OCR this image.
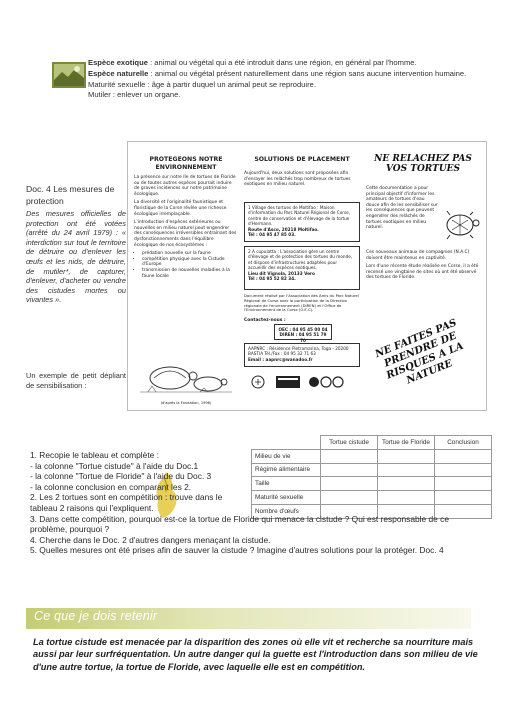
Espèce exotique : animal ou végétal qui a été introduit dans une région, en général par l'homme.

Espèce naturelle : animal ou végétal présent naturellement dans une région sans aucune intervention humaine.

Maturité sexuelle : âge à partir duquel un animal peut se reproduire.

Mutiler : enlever un organe.

Doc. 4 Les mesures de protection
Des mesures officielles de protection ont été votées (arrêté du 24 avril 1979) : « interdiction sur tout le territoire de détruire ou d'enlever les œufs et les nids, de détruire, de mutiler*, de capturer, d'enlever, d'acheter ou vendre des cistudes mortes ou vivantes ».
Un exemple de petit dépliant de sensibilisation :
PROTEGEONS NOTRE ENVIRONNEMENT

La présence sur notre île de tortues de Floride ou de toutes autres espèces pourrait induire de graves incidences sur notre patrimoine écologique.

La diversité et l'originalité faunistique et floristique de la Corse révèle une richesse écologique irremplaçable.

L'introduction d'espèces extérieures ou nouvelles en milieu naturel peut engendrer des conséquences irréversibles entraînant des dysfonctionnements dans l'équilibre écologique de nos écosystèmes :

• prédation nouvelle sur la faune
• compétition physique avec la Cistude d'Europe
• transmission de nouvelles maladies à la faune locale
(d'après la Fondation, 1996)
SOLUTIONS DE PLACEMENT
Aujourd'hui, deux solutions sont proposées afin d'enrayer les relâchés trop nombreux de tortues exotiques en milieu naturel.
1 Village des tortues de Moltifao : Maison d'information du Parc Naturel Régional de Corse, centre de conservation et d'élevage de la tortue d'Hermann.
Route d'Asco, 20218 Moltifao.
Tél : 04 95 47 85 03.
2 A cupulatta : L'association gère un centre d'élevage et de protection des tortues du monde, et dispose d'infrastructures adaptées pour accueillir des espèces exotiques.
Lieu dit Vignola, 20133 Vero
Tél : 04 95 52 82 34.
Document réalisé par l'Association des Amis du Parc Naturel Régional de Corse avec la participation de la Direction régionale de l'environnement (DIREN) et l'Office de l'Environnement de la Corse (O.E.C).
Contactez-nous :
OEC : 04 95 45 00 04
DIREN : 04 95 51 79 70
AAPNRC : Résidence Pietramarina, Toga - 20200 BASTIA Tél./Fax : 04 95 32 71 63
Email : aapnrc@wanadoo.fr
NE RELACHEZ PAS VOS TORTUES

Cette documentation a pour principal objectif d'informer les amateurs de tortues d'eau douce afin de les sensibiliser sur les conséquences que peuvent engendrer des relâchés de tortues exotiques en milieu naturel.

Ces nouveaux animaux de compagnies (N.A.C) doivent être maintenus en captivité.

Lors d'une récente étude réalisée en Corse, il a été recensé une vingtaine de sites où ont été observé des tortues de Floride.

NE FAITES PAS PRENDRE DE RISQUES A LA NATURE
	Tortue cistude	Tortue de Floride	Conclusion
Milieu de vie			
Régime alimentaire			
Taille			
Maturité sexuelle			
Nombre d'œufs			

1. Recopie le tableau et complète :

- la colonne "Tortue cistude" à l'aide du Doc.1

- la colonne "Tortue de Floride" à l'aide du Doc. 3

- la colonne conclusion en comparant les 2.

2. Les 2 tortues sont en compétition : trouve dans le tableau 2 raisons qui l'expliquent.

3. Dans cette compétition, pourquoi est-ce la tortue de Floride qui menace la cistude ? Qui est responsable de ce problème, pourquoi ?

4. Cherche dans le Doc. 2 d'autres dangers menaçant la cistude.

5. Quelles mesures ont été prises afin de sauver la cistude ? Imagine d'autres solutions pour la protéger. Doc. 4

Ce que je dois retenir
La tortue cistude est menacée par la disparition des zones où elle vit et recherche sa nourriture mais aussi par leur surfréquentation. Un autre danger qui la guette est l'introduction dans son milieu de vie d'une autre tortue, la tortue de Floride, avec laquelle elle est en compétition.
